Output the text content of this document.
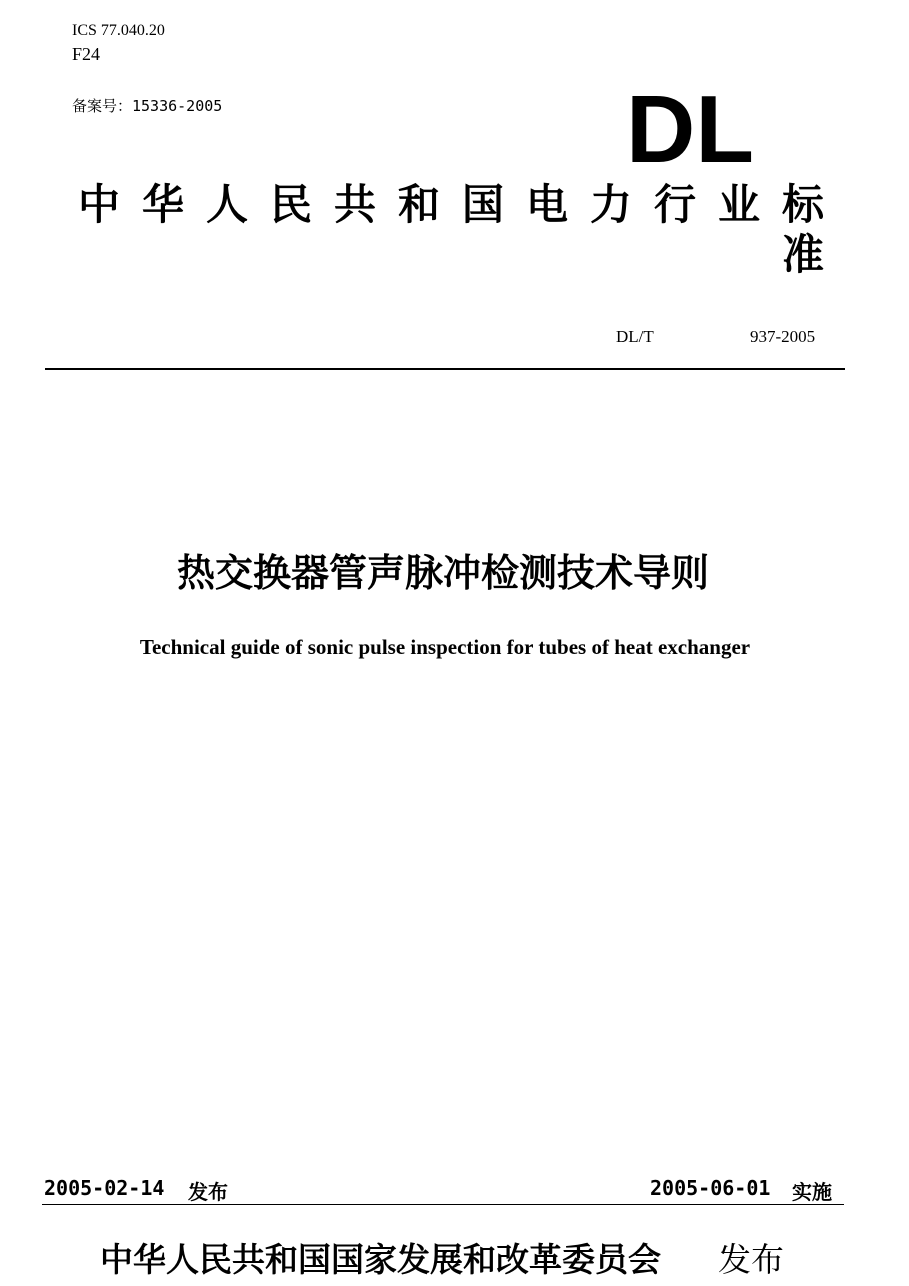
ICS 77.040.20
F24
备案号：15336-2005	DL
中华人民共和国电力行业标准
DL/T	937-2005
热交换器管声脉冲检测技术导则
Technical guide of sonic pulse inspection for tubes of heat exchanger
2005-02-14 发布	2005-06-01 实施
中华人民共和国国家发展和改革委员会 发布
